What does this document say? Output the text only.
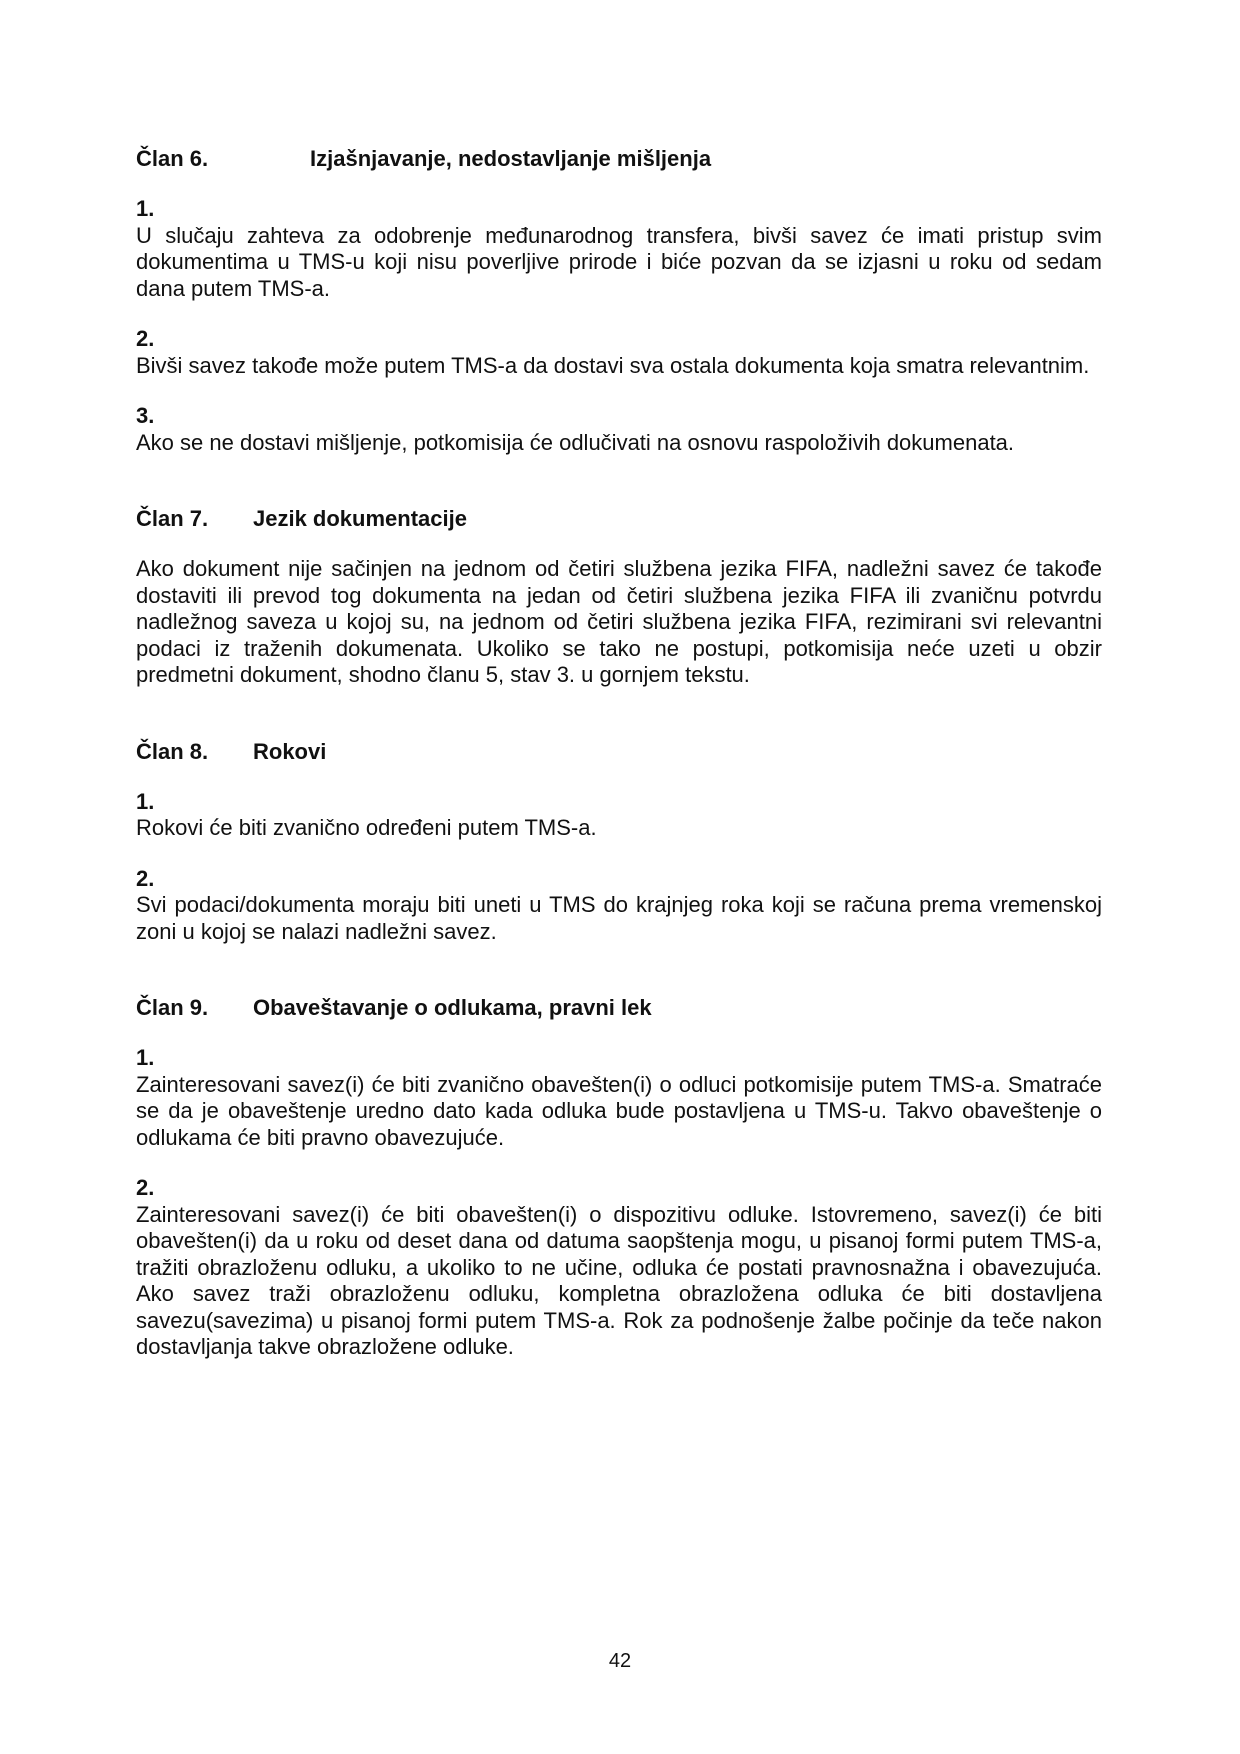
Član 6.	Izjašnjavanje, nedostavljanje mišljenja
1.
U slučaju zahteva za odobrenje međunarodnog transfera, bivši savez će imati pristup svim dokumentima u TMS-u koji nisu poverljive prirode i biće pozvan da se izjasni u roku od sedam dana putem TMS-a.
2.
Bivši savez takođe može putem TMS-a da dostavi sva ostala dokumenta koja smatra relevantnim.
3.
Ako se ne dostavi mišljenje, potkomisija će odlučivati na osnovu raspoloživih dokumenata.
Član 7.	Jezik dokumentacije
Ako dokument nije sačinjen na jednom od četiri službena jezika FIFA, nadležni savez će takođe dostaviti ili prevod tog dokumenta na jedan od četiri službena jezika FIFA ili zvaničnu potvrdu nadležnog saveza u kojoj su, na jednom od četiri službena jezika FIFA, rezimirani svi relevantni podaci iz traženih dokumenata. Ukoliko se tako ne postupi, potkomisija neće uzeti u obzir predmetni dokument, shodno članu 5, stav 3. u gornjem tekstu.
Član 8.	Rokovi
1.
Rokovi će biti zvanično određeni putem TMS-a.
2.
Svi podaci/dokumenta moraju biti uneti u TMS do krajnjeg roka koji se računa prema vremenskoj zoni u kojoj se nalazi nadležni savez.
Član 9.	Obaveštavanje o odlukama, pravni lek
1.
Zainteresovani savez(i) će biti zvanično obavešten(i) o odluci potkomisije putem TMS-a. Smatraće se da je obaveštenje uredno dato kada odluka bude postavljena u TMS-u. Takvo obaveštenje o odlukama će biti pravno obavezujuće.
2.
Zainteresovani savez(i) će biti obavešten(i) o dispozitivu odluke. Istovremeno, savez(i) će biti obavešten(i) da u roku od deset dana od datuma saopštenja mogu, u pisanoj formi putem TMS-a, tražiti obrazloženu odluku, a ukoliko to ne učine, odluka će postati pravnosnažna i obavezujuća. Ako savez traži obrazloženu odluku, kompletna obrazložena odluka će biti dostavljena savezu(savezima) u pisanoj formi putem TMS-a. Rok za podnošenje žalbe počinje da teče nakon dostavljanja takve obrazložene odluke.
42
